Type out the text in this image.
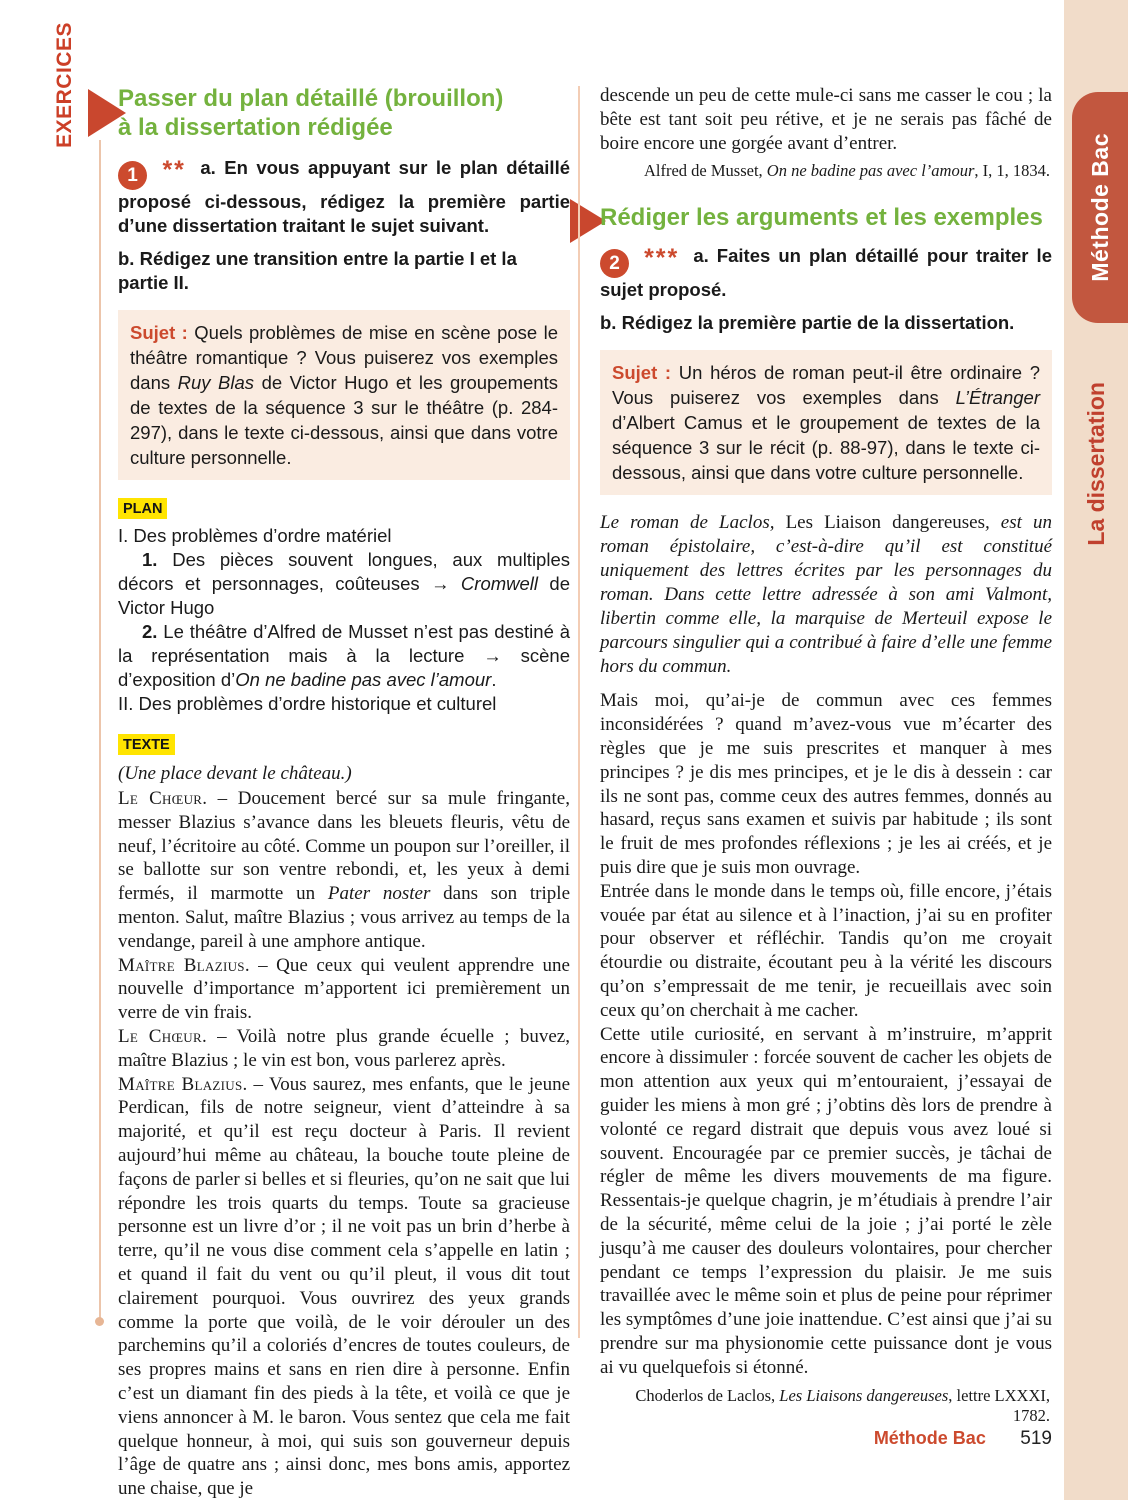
EXERCICES
Méthode Bac
La dissertation
Passer du plan détaillé (brouillon)
à la dissertation rédigée

1 ** a. En vous appuyant sur le plan détaillé proposé ci-dessous, rédigez la première partie d’une dissertation traitant le sujet suivant.

b. Rédigez une transition entre la partie I et la partie II.

Sujet : Quels problèmes de mise en scène pose le théâtre romantique ? Vous puiserez vos exemples dans Ruy Blas de Victor Hugo et les groupements de textes de la séquence 3 sur le théâtre (p. 284-297), dans le texte ci-dessous, ainsi que dans votre culture personnelle.
PLAN

I. Des problèmes d’ordre matériel

1. Des pièces souvent longues, aux multiples décors et personnages, coûteuses → Cromwell de Victor Hugo

2. Le théâtre d’Alfred de Musset n’est pas destiné à la représentation mais à la lecture → scène d’exposition d’On ne badine pas avec l’amour.

II. Des problèmes d’ordre historique et culturel

TEXTE

(Une place devant le château.)

Le Chœur. – Doucement bercé sur sa mule fringante, messer Blazius s’avance dans les bleuets fleuris, vêtu de neuf, l’écritoire au côté. Comme un poupon sur l’oreiller, il se ballotte sur son ventre rebondi, et, les yeux à demi fermés, il marmotte un Pater noster dans son triple menton. Salut, maître Blazius ; vous arrivez au temps de la vendange, pareil à une amphore antique.

Maître Blazius. – Que ceux qui veulent apprendre une nouvelle d’importance m’apportent ici premièrement un verre de vin frais.

Le Chœur. – Voilà notre plus grande écuelle ; buvez, maître Blazius ; le vin est bon, vous parlerez après.

Maître Blazius. – Vous saurez, mes enfants, que le jeune Perdican, fils de notre seigneur, vient d’atteindre à sa majorité, et qu’il est reçu docteur à Paris. Il revient aujourd’hui même au château, la bouche toute pleine de façons de parler si belles et si fleuries, qu’on ne sait que lui répondre les trois quarts du temps. Toute sa gracieuse personne est un livre d’or ; il ne voit pas un brin d’herbe à terre, qu’il ne vous dise comment cela s’appelle en latin ; et quand il fait du vent ou qu’il pleut, il vous dit tout clairement pourquoi. Vous ouvrirez des yeux grands comme la porte que voilà, de le voir dérouler un des parchemins qu’il a coloriés d’encres de toutes couleurs, de ses propres mains et sans en rien dire à personne. Enfin c’est un diamant fin des pieds à la tête, et voilà ce que je viens annoncer à M. le baron. Vous sentez que cela me fait quelque honneur, à moi, qui suis son gouverneur depuis l’âge de quatre ans ; ainsi donc, mes bons amis, apportez une chaise, que je

descende un peu de cette mule-ci sans me casser le cou ; la bête est tant soit peu rétive, et je ne serais pas fâché de boire encore une gorgée avant d’entrer.

Alfred de Musset, On ne badine pas avec l’amour, I, 1, 1834.

Rédiger les arguments et les exemples

2 *** a. Faites un plan détaillé pour traiter le sujet proposé.

b. Rédigez la première partie de la dissertation.

Sujet : Un héros de roman peut-il être ordinaire ? Vous puiserez vos exemples dans L’Étranger d’Albert Camus et le groupement de textes de la séquence 3 sur le récit (p. 88-97), dans le texte ci-dessous, ainsi que dans votre culture personnelle.

Le roman de Laclos, Les Liaison dangereuses, est un roman épistolaire, c’est-à-dire qu’il est constitué uniquement des lettres écrites par les personnages du roman. Dans cette lettre adressée à son ami Valmont, libertin comme elle, la marquise de Merteuil expose le parcours singulier qui a contribué à faire d’elle une femme hors du commun.

Mais moi, qu’ai-je de commun avec ces femmes inconsidérées ? quand m’avez-vous vue m’écarter des règles que je me suis prescrites et manquer à mes principes ? je dis mes principes, et je le dis à dessein : car ils ne sont pas, comme ceux des autres femmes, donnés au hasard, reçus sans examen et suivis par habitude ; ils sont le fruit de mes profondes réflexions ; je les ai créés, et je puis dire que je suis mon ouvrage.

Entrée dans le monde dans le temps où, fille encore, j’étais vouée par état au silence et à l’inaction, j’ai su en profiter pour observer et réfléchir. Tandis qu’on me croyait étourdie ou distraite, écoutant peu à la vérité les discours qu’on s’empressait de me tenir, je recueillais avec soin ceux qu’on cherchait à me cacher.

Cette utile curiosité, en servant à m’instruire, m’apprit encore à dissimuler : forcée souvent de cacher les objets de mon attention aux yeux qui m’entouraient, j’essayai de guider les miens à mon gré ; j’obtins dès lors de prendre à volonté ce regard distrait que depuis vous avez loué si souvent. Encouragée par ce premier succès, je tâchai de régler de même les divers mouvements de ma figure. Ressentais-je quelque chagrin, je m’étudiais à prendre l’air de la sécurité, même celui de la joie ; j’ai porté le zèle jusqu’à me causer des douleurs volontaires, pour chercher pendant ce temps l’expression du plaisir. Je me suis travaillée avec le même soin et plus de peine pour réprimer les symptômes d’une joie inattendue. C’est ainsi que j’ai su prendre sur ma physionomie cette puissance dont je vous ai vu quelquefois si étonné.

Choderlos de Laclos, Les Liaisons dangereuses, lettre LXXXI, 1782.

Méthode Bac 519
